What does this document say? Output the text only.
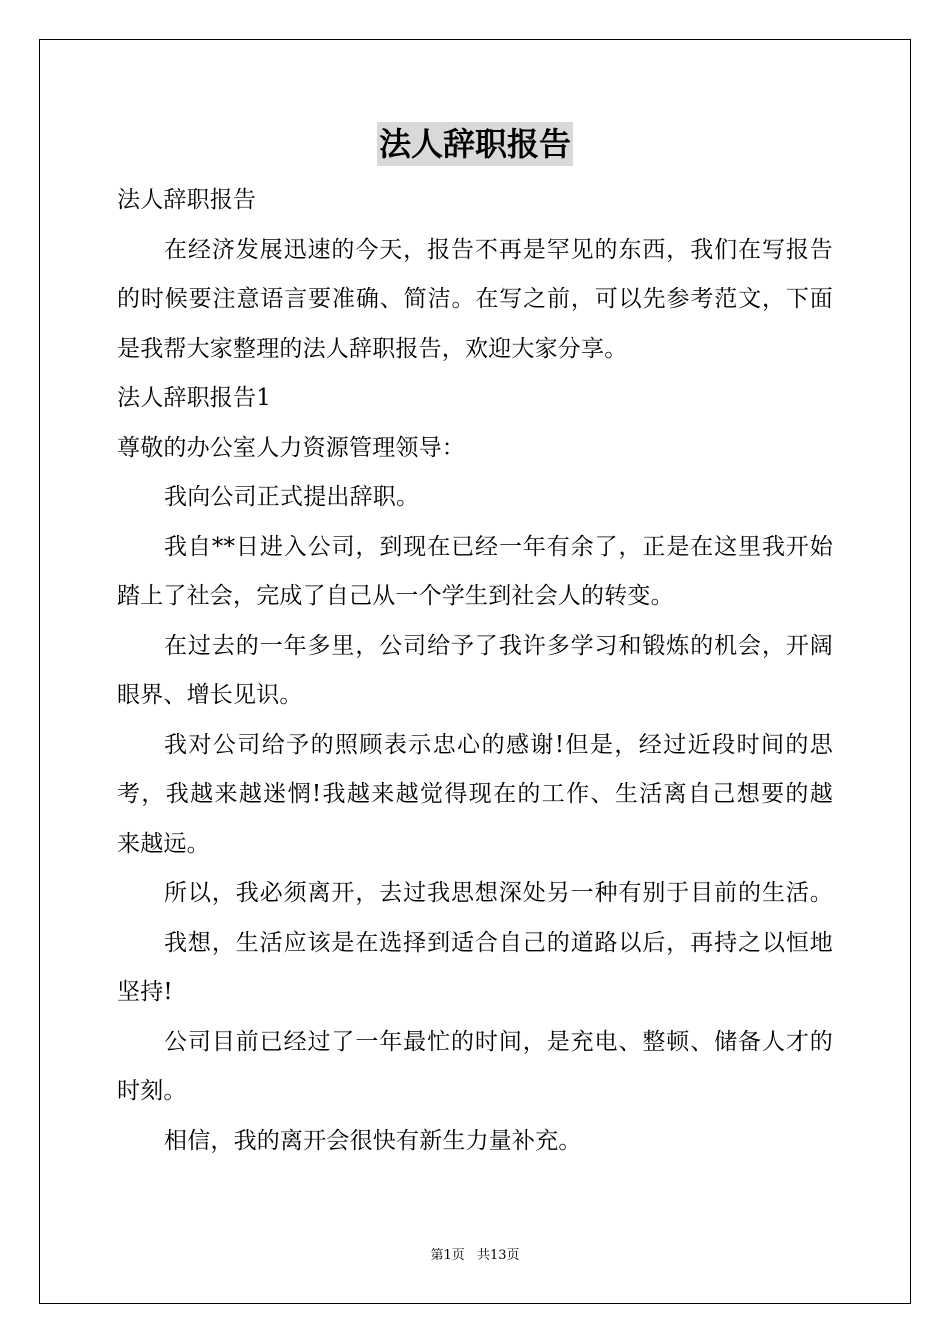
法人辞职报告
法人辞职报告
在经济发展迅速的今天，报告不再是罕见的东西，我们在写报告
的时候要注意语言要准确、简洁。在写之前，可以先参考范文，下面
是我帮大家整理的法人辞职报告，欢迎大家分享。
法人辞职报告1
尊敬的办公室人力资源管理领导：
我向公司正式提出辞职。
我自**日进入公司，到现在已经一年有余了，正是在这里我开始
踏上了社会，完成了自己从一个学生到社会人的转变。
在过去的一年多里，公司给予了我许多学习和锻炼的机会，开阔
眼界、增长见识。
我对公司给予的照顾表示忠心的感谢!但是，经过近段时间的思
考，我越来越迷惘!我越来越觉得现在的工作、生活离自己想要的越
来越远。
所以，我必须离开，去过我思想深处另一种有别于目前的生活。
我想，生活应该是在选择到适合自己的道路以后，再持之以恒地
坚持!
公司目前已经过了一年最忙的时间，是充电、整顿、储备人才的
时刻。
相信，我的离开会很快有新生力量补充。
第1页 共13页
